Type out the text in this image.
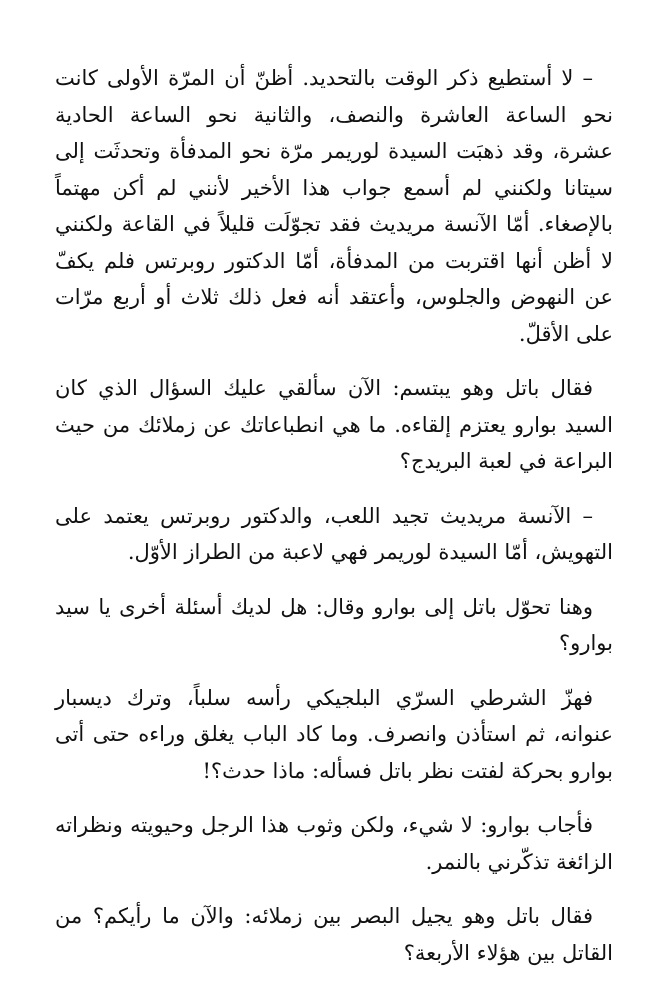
– لا أستطيع ذكر الوقت بالتحديد. أظنّ أن المرّة الأولى كانت نحو الساعة العاشرة والنصف، والثانية نحو الساعة الحادية عشرة، وقد ذهبَت السيدة لوريمر مرّة نحو المدفأة وتحدثَت إلى سيتانا ولكنني لم أسمع جواب هذا الأخير لأنني لم أكن مهتماً بالإصغاء. أمّا الآنسة مريديث فقد تجوّلَت قليلاً في القاعة ولكنني لا أظن أنها اقتربت من المدفأة، أمّا الدكتور روبرتس فلم يكفّ عن النهوض والجلوس، وأعتقد أنه فعل ذلك ثلاث أو أربع مرّات على الأقلّ.

فقال باتل وهو يبتسم: الآن سألقي عليك السؤال الذي كان السيد بوارو يعتزم إلقاءه. ما هي انطباعاتك عن زملائك من حيث البراعة في لعبة البريدج؟

– الآنسة مريديث تجيد اللعب، والدكتور روبرتس يعتمد على التهويش، أمّا السيدة لوريمر فهي لاعبة من الطراز الأوّل.

وهنا تحوّل باتل إلى بوارو وقال: هل لديك أسئلة أخرى يا سيد بوارو؟

فهزّ الشرطي السرّي البلجيكي رأسه سلباً، وترك ديسبار عنوانه، ثم استأذن وانصرف. وما كاد الباب يغلق وراءه حتى أتى بوارو بحركة لفتت نظر باتل فسأله: ماذا حدث؟!

فأجاب بوارو: لا شيء، ولكن وثوب هذا الرجل وحيويته ونظراته الزائغة تذكّرني بالنمر.

فقال باتل وهو يجيل البصر بين زملائه: والآن ما رأيكم؟ من القاتل بين هؤلاء الأربعة؟
